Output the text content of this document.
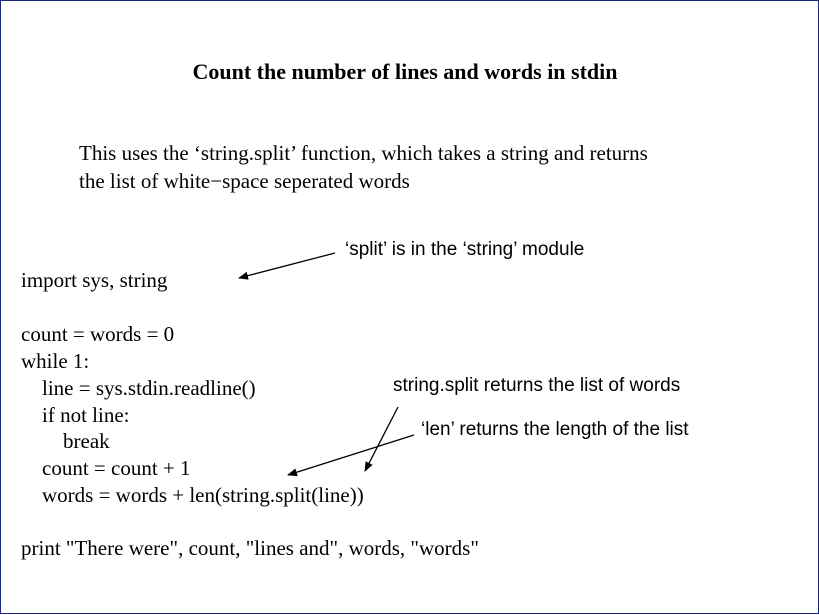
Count the number of lines and words in stdin
This uses the ‘string.split’ function, which takes a string and returns
the list of white−space seperated words
import sys, string
count = words = 0
while 1:
line = sys.stdin.readline()
if not line:
break
count = count + 1
words = words + len(string.split(line))
print "There were", count, "lines and", words, "words"
‘split’ is in the ‘string’ module
string.split returns the list of words
‘len’ returns the length of the list
